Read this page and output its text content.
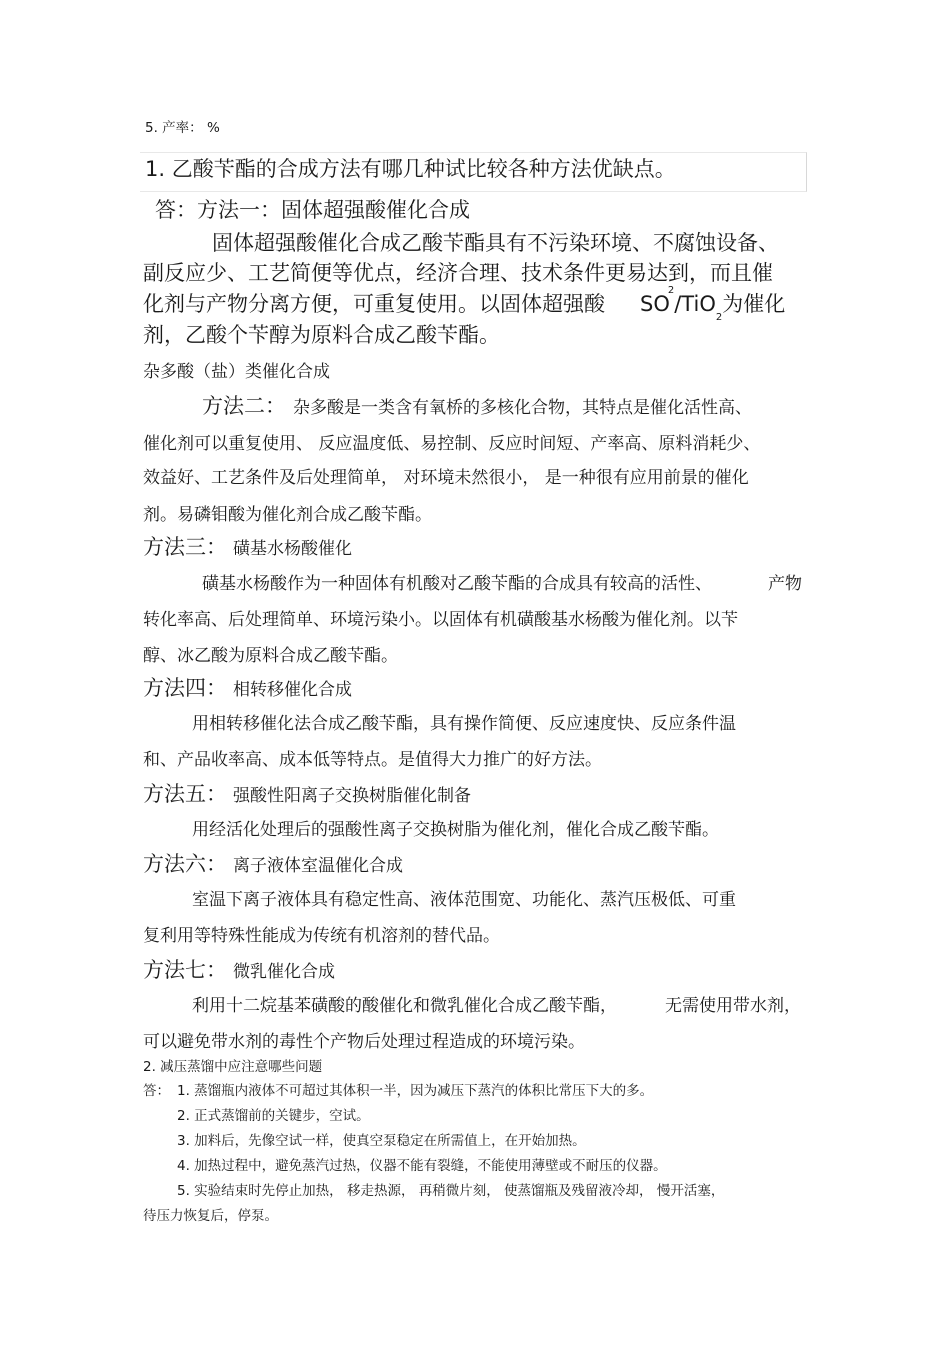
5. 产率： %
1. 乙酸苄酯的合成方法有哪几种试比较各种方法优缺点。
答：方法一：固体超强酸催化合成
固体超强酸催化合成乙酸苄酯具有不污染环境、不腐蚀设备、
副反应少、工艺简便等优点，经济合理、技术条件更易达到，而且催
化剂与产物分离方便，可重复使用。以固体超强酸 $SO^2/TiO_2$为催化
剂，乙酸个苄醇为原料合成乙酸苄酯。
杂多酸（盐）类催化合成
方法二： 杂多酸是一类含有氧桥的多核化合物，其特点是催化活性高、
催化剂可以重复使用、 反应温度低、易控制、反应时间短、产率高、原料消耗少、
效益好、工艺条件及后处理简单， 对环境未然很小， 是一种很有应用前景的催化
剂。易磷钼酸为催化剂合成乙酸苄酯。
方法三： 磺基水杨酸催化
磺基水杨酸作为一种固体有机酸对乙酸苄酯的合成具有较高的活性、	产物
转化率高、后处理简单、环境污染小。以固体有机磺酸基水杨酸为催化剂。以苄
醇、冰乙酸为原料合成乙酸苄酯。
方法四： 相转移催化合成
用相转移催化法合成乙酸苄酯，具有操作简便、反应速度快、反应条件温
和、产品收率高、成本低等特点。是值得大力推广的好方法。
方法五： 强酸性阳离子交换树脂催化制备
用经活化处理后的强酸性离子交换树脂为催化剂，催化合成乙酸苄酯。
方法六： 离子液体室温催化合成
室温下离子液体具有稳定性高、液体范围宽、功能化、蒸汽压极低、可重
复利用等特殊性能成为传统有机溶剂的替代品。
方法七： 微乳催化合成
利用十二烷基苯磺酸的酸催化和微乳催化合成乙酸苄酯，	无需使用带水剂，
可以避免带水剂的毒性个产物后处理过程造成的环境污染。
2. 减压蒸馏中应注意哪些问题
答： 1. 蒸馏瓶内液体不可超过其体积一半，因为减压下蒸汽的体积比常压下大的多。
2. 正式蒸馏前的关键步，空试。
3. 加料后，先像空试一样，使真空泵稳定在所需值上，在开始加热。
4. 加热过程中，避免蒸汽过热，仪器不能有裂缝，不能使用薄壁或不耐压的仪器。
5. 实验结束时先停止加热， 移走热源， 再稍微片刻， 使蒸馏瓶及残留液冷却， 慢开活塞，
待压力恢复后，停泵。
